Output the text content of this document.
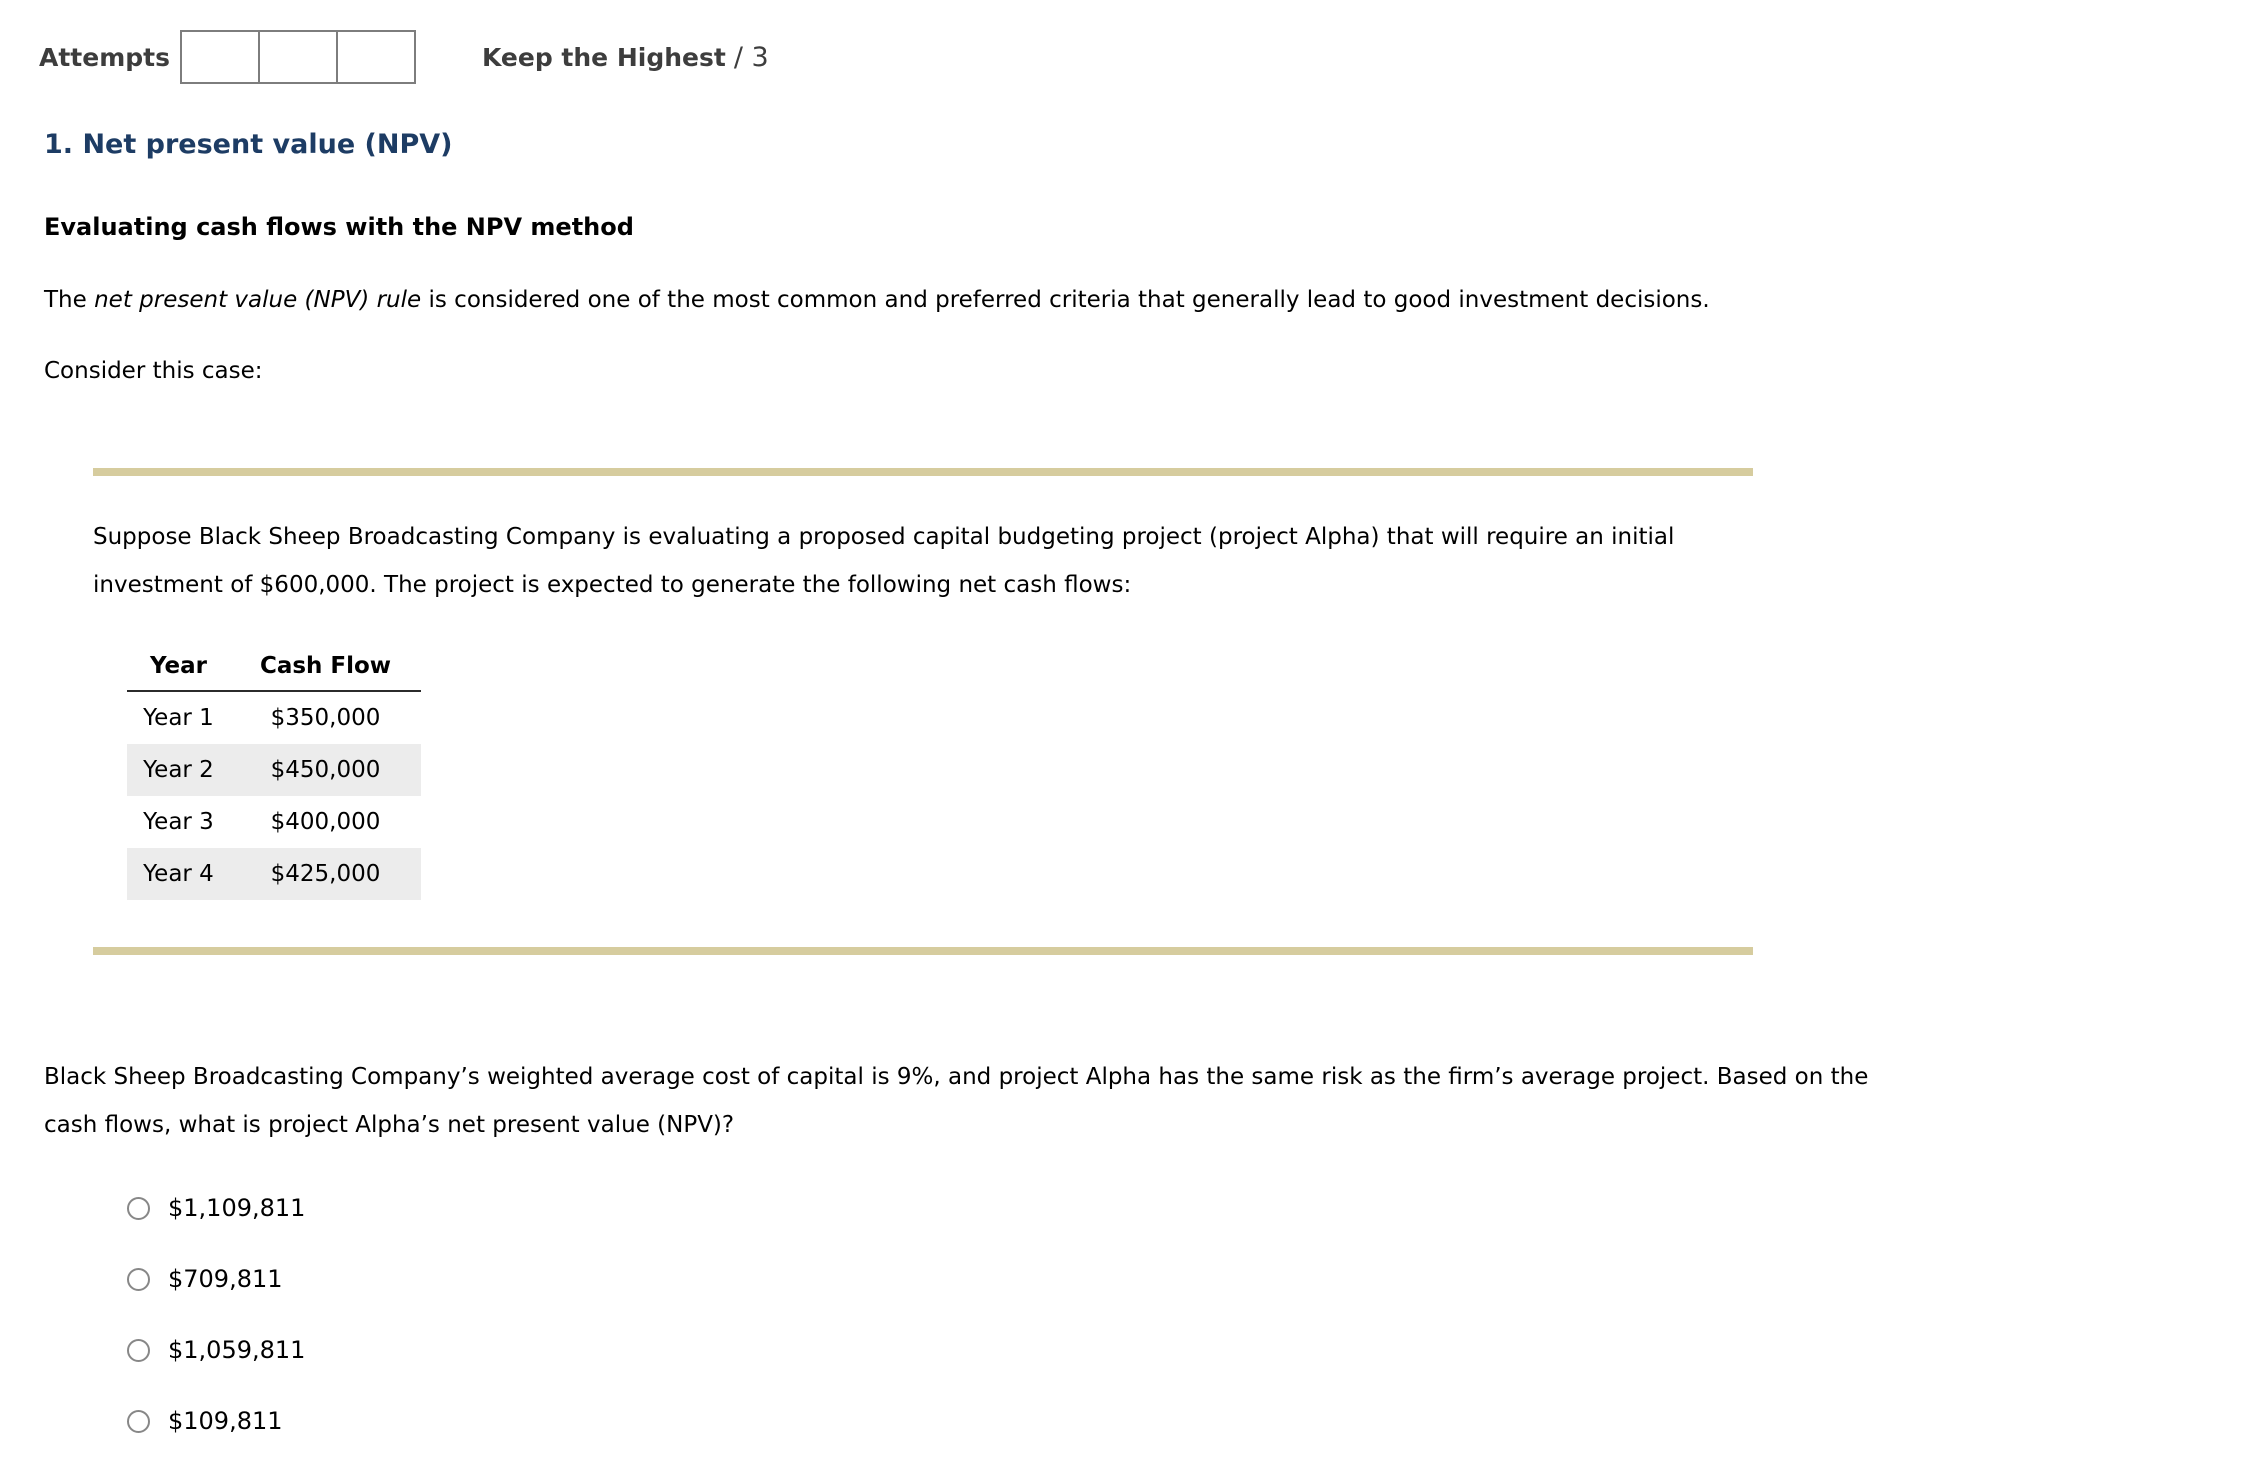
Attempts	Keep the Highest / 3
1. Net present value (NPV)
Evaluating cash flows with the NPV method
The net present value (NPV) rule is considered one of the most common and preferred criteria that generally lead to good investment decisions.
Consider this case:

Suppose Black Sheep Broadcasting Company is evaluating a proposed capital budgeting project (project Alpha) that will require an initial investment of $600,000. The project is expected to generate the following net cash flows:

Year	Cash Flow
Year 1	$350,000
Year 2	$450,000
Year 3	$400,000
Year 4	$425,000
Black Sheep Broadcasting Company’s weighted average cost of capital is 9%, and project Alpha has the same risk as the firm’s average project. Based on the cash flows, what is project Alpha’s net present value (NPV)?
$1,109,811
$709,811
$1,059,811
$109,811
